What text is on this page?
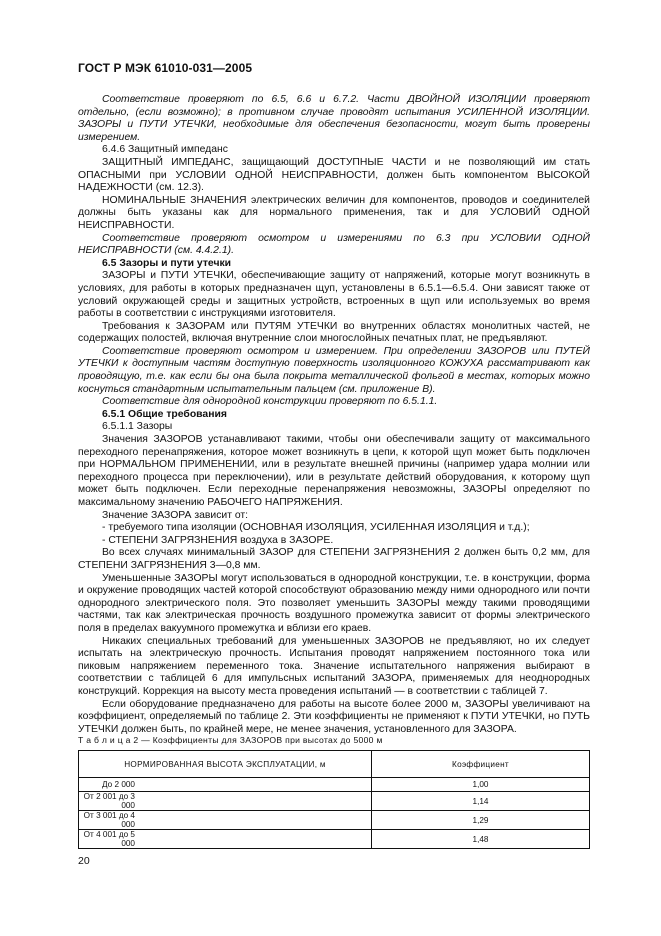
ГОСТ Р МЭК 61010-031—2005

Соответствие проверяют по 6.5, 6.6 и 6.7.2. Части ДВОЙНОЙ ИЗОЛЯЦИИ проверяют отдельно, (если возможно); в противном случае проводят испытания УСИЛЕННОЙ ИЗОЛЯЦИИ. ЗАЗОРЫ и ПУТИ УТЕЧКИ, необходимые для обеспечения безопасности, могут быть проверены измерением.

6.4.6 Защитный импеданс

ЗАЩИТНЫЙ ИМПЕДАНС, защищающий ДОСТУПНЫЕ ЧАСТИ и не позволяющий им стать ОПАСНЫМИ при УСЛОВИИ ОДНОЙ НЕИСПРАВНОСТИ, должен быть компонентом ВЫСОКОЙ НАДЕЖНОСТИ (см. 12.3).

НОМИНАЛЬНЫЕ ЗНАЧЕНИЯ электрических величин для компонентов, проводов и соединителей должны быть указаны как для нормального применения, так и для УСЛОВИЙ ОДНОЙ НЕИСПРАВНОСТИ.

Соответствие проверяют осмотром и измерениями по 6.3 при УСЛОВИИ ОДНОЙ НЕИСПРАВНОСТИ (см. 4.4.2.1).

6.5 Зазоры и пути утечки

ЗАЗОРЫ и ПУТИ УТЕЧКИ, обеспечивающие защиту от напряжений, которые могут возникнуть в условиях, для работы в которых предназначен щуп, установлены в 6.5.1—6.5.4. Они зависят также от условий окружающей среды и защитных устройств, встроенных в щуп или используемых во время работы в соответствии с инструкциями изготовителя.

Требования к ЗАЗОРАМ или ПУТЯМ УТЕЧКИ во внутренних областях монолитных частей, не содержащих полостей, включая внутренние слои многослойных печатных плат, не предъявляют.

Соответствие проверяют осмотром и измерением. При определении ЗАЗОРОВ или ПУТЕЙ УТЕЧКИ к доступным частям доступную поверхность изоляционного КОЖУХА рассматривают как проводящую, т.е. как если бы она была покрыта металлической фольгой в местах, которых можно коснуться стандартным испытательным пальцем (см. приложение В).

Соответствие для однородной конструкции проверяют по 6.5.1.1.

6.5.1 Общие требования

6.5.1.1 Зазоры

Значения ЗАЗОРОВ устанавливают такими, чтобы они обеспечивали защиту от максимального переходного перенапряжения, которое может возникнуть в цепи, к которой щуп может быть подключен при НОРМАЛЬНОМ ПРИМЕНЕНИИ, или в результате внешней причины (например удара молнии или переходного процесса при переключении), или в результате действий оборудования, к которому щуп может быть подключен. Если переходные перенапряжения невозможны, ЗАЗОРЫ определяют по максимальному значению РАБОЧЕГО НАПРЯЖЕНИЯ.

Значение ЗАЗОРА зависит от:

- требуемого типа изоляции (ОСНОВНАЯ ИЗОЛЯЦИЯ, УСИЛЕННАЯ ИЗОЛЯЦИЯ и т.д.);

- СТЕПЕНИ ЗАГРЯЗНЕНИЯ воздуха в ЗАЗОРЕ.

Во всех случаях минимальный ЗАЗОР для СТЕПЕНИ ЗАГРЯЗНЕНИЯ 2 должен быть 0,2 мм, для СТЕПЕНИ ЗАГРЯЗНЕНИЯ 3—0,8 мм.

Уменьшенные ЗАЗОРЫ могут использоваться в однородной конструкции, т.е. в конструкции, форма и окружение проводящих частей которой способствуют образованию между ними однородного или почти однородного электрического поля. Это позволяет уменьшить ЗАЗОРЫ между такими проводящими частями, так как электрическая прочность воздушного промежутка зависит от формы электрического поля в пределах вакуумного промежутка и вблизи его краев.

Никаких специальных требований для уменьшенных ЗАЗОРОВ не предъявляют, но их следует испытать на электрическую прочность. Испытания проводят напряжением постоянного тока или пиковым напряжением переменного тока. Значение испытательного напряжения выбирают в соответствии с таблицей 6 для импульсных испытаний ЗАЗОРА, применяемых для неоднородных конструкций. Коррекция на высоту места проведения испытаний — в соответствии с таблицей 7.

Если оборудование предназначено для работы на высоте более 2000 м, ЗАЗОРЫ увеличивают на коэффициент, определяемый по таблице 2. Эти коэффициенты не применяют к ПУТИ УТЕЧКИ, но ПУТЬ УТЕЧКИ должен быть, по крайней мере, не менее значения, установленного для ЗАЗОРА.

Т а б л и ц а 2 — Коэффициенты для ЗАЗОРОВ при высотах до 5000 м
НОРМИРОВАННАЯ ВЫСОТА ЭКСПЛУАТАЦИИ, м	Коэффициент
До 2 000	1,00
От 2 001 до 3 000	1,14
От 3 001 до 4 000	1,29
От 4 001 до 5 000	1,48
20
